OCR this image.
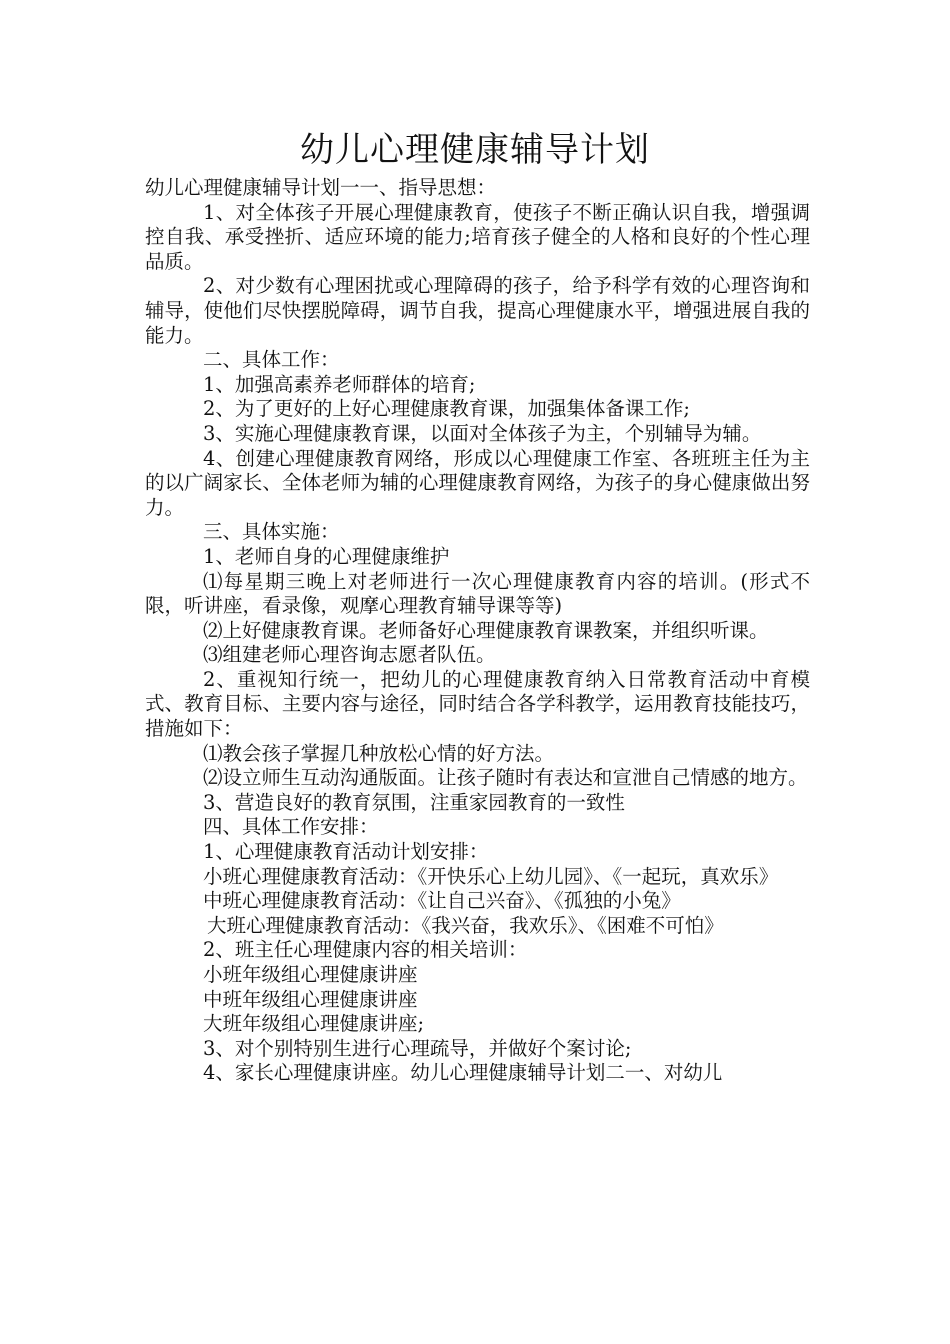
幼儿心理健康辅导计划

幼儿心理健康辅导计划一一、指导思想：

1、对全体孩子开展心理健康教育，使孩子不断正确认识自我，增强调控自我、承受挫折、适应环境的能力;培育孩子健全的人格和良好的个性心理品质。

2、对少数有心理困扰或心理障碍的孩子，给予科学有效的心理咨询和辅导，使他们尽快摆脱障碍，调节自我，提高心理健康水平，增强进展自我的能力。

二、具体工作：

1、加强高素养老师群体的培育;

2、为了更好的上好心理健康教育课，加强集体备课工作;

3、实施心理健康教育课，以面对全体孩子为主，个别辅导为辅。

4、创建心理健康教育网络，形成以心理健康工作室、各班班主任为主的以广阔家长、全体老师为辅的心理健康教育网络，为孩子的身心健康做出努力。

三、具体实施：

1、老师自身的心理健康维护

⑴每星期三晚上对老师进行一次心理健康教育内容的培训。(形式不限，听讲座，看录像，观摩心理教育辅导课等等)

⑵上好健康教育课。老师备好心理健康教育课教案，并组织听课。

⑶组建老师心理咨询志愿者队伍。

2、重视知行统一，把幼儿的心理健康教育纳入日常教育活动中育模式、教育目标、主要内容与途径，同时结合各学科教学，运用教育技能技巧，措施如下：

⑴教会孩子掌握几种放松心情的好方法。

⑵设立师生互动沟通版面。让孩子随时有表达和宣泄自己情感的地方。

3、营造良好的教育氛围，注重家园教育的一致性

四、具体工作安排：

1、心理健康教育活动计划安排：

小班心理健康教育活动：《开快乐心上幼儿园》、《一起玩，真欢乐》

中班心理健康教育活动：《让自己兴奋》、《孤独的小兔》

大班心理健康教育活动：《我兴奋，我欢乐》、《困难不可怕》

2、班主任心理健康内容的相关培训：

小班年级组心理健康讲座

中班年级组心理健康讲座

大班年级组心理健康讲座;

3、对个别特别生进行心理疏导，并做好个案讨论;

4、家长心理健康讲座。幼儿心理健康辅导计划二一、对幼儿
